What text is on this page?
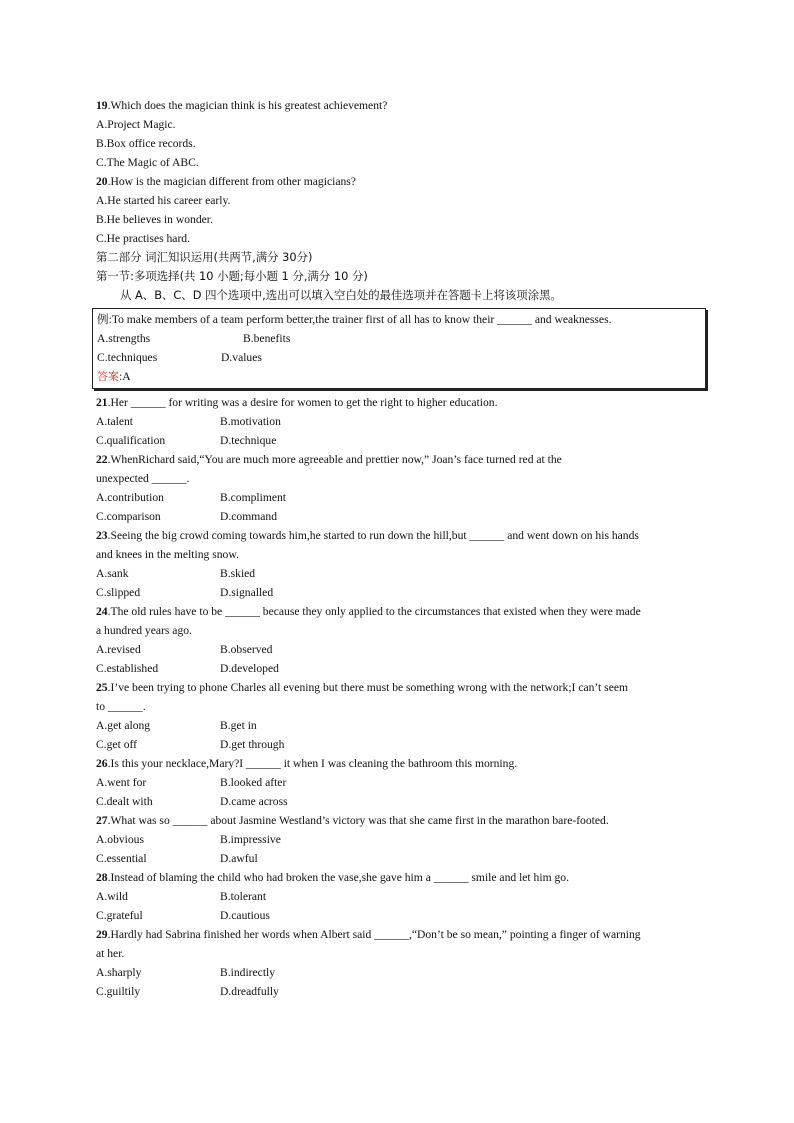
19.Which does the magician think is his greatest achievement?
A.Project Magic.
B.Box office records.
C.The Magic of ABC.
20.How is the magician different from other magicians?
A.He started his career early.
B.He believes in wonder.
C.He practises hard.
第二部分 词汇知识运用(共两节,满分 30分)
第一节:多项选择(共 10 小题;每小题 1 分,满分 10 分)
从 A、B、C、D 四个选项中,选出可以填入空白处的最佳选项并在答题卡上将该项涂黑。
例:To make members of a team perform better,the trainer first of all has to know their ______ and weaknesses.
A.strengths	B.benefits
C.techniques	D.values
答案:A
21.Her ______ for writing was a desire for women to get the right to higher education.
A.talent	B.motivation
C.qualification	D.technique
22.WhenRichard said,“You are much more agreeable and prettier now,” Joan’s face turned red at the
unexpected ______.
A.contribution	B.compliment
C.comparison	D.command
23.Seeing the big crowd coming towards him,he started to run down the hill,but ______ and went down on his hands
and knees in the melting snow.
A.sank	B.skied
C.slipped	D.signalled
24.The old rules have to be ______ because they only applied to the circumstances that existed when they were made
a hundred years ago.
A.revised	B.observed
C.established	D.developed
25.I’ve been trying to phone Charles all evening but there must be something wrong with the network;I can’t seem
to ______.
A.get along	B.get in
C.get off	D.get through
26.Is this your necklace,Mary?I ______ it when I was cleaning the bathroom this morning.
A.went for	B.looked after
C.dealt with	D.came across
27.What was so ______ about Jasmine Westland’s victory was that she came first in the marathon bare-footed.
A.obvious	B.impressive
C.essential	D.awful
28.Instead of blaming the child who had broken the vase,she gave him a ______ smile and let him go.
A.wild	B.tolerant
C.grateful	D.cautious
29.Hardly had Sabrina finished her words when Albert said ______,“Don’t be so mean,” pointing a finger of warning
at her.
A.sharply	B.indirectly
C.guiltily	D.dreadfully
